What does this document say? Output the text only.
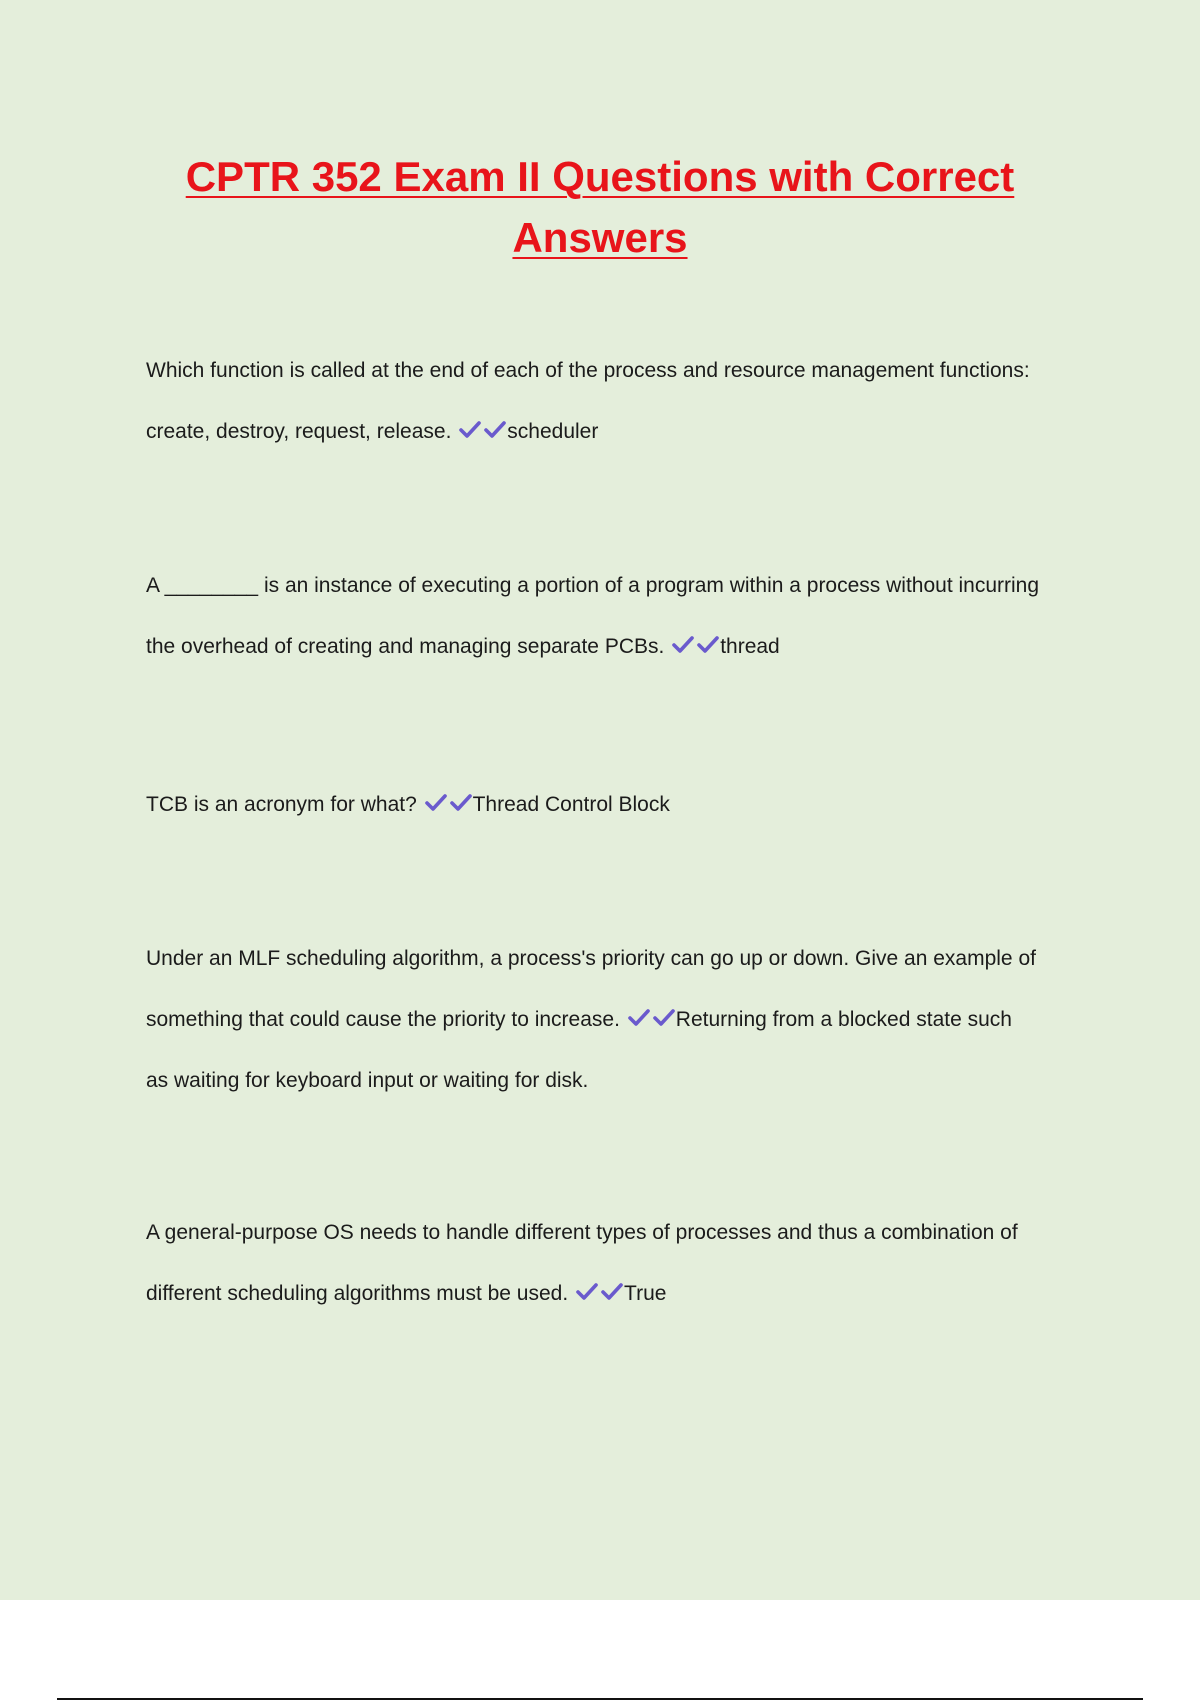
CPTR 352 Exam II Questions with Correct
Answers
Which function is called at the end of each of the process and resource management functions:
create, destroy, request, release.	scheduler
A ________ is an instance of executing a portion of a program within a process without incurring
the overhead of creating and managing separate PCBs.	thread
TCB is an acronym for what?	Thread Control Block
Under an MLF scheduling algorithm, a process's priority can go up or down. Give an example of
something that could cause the priority to increase.	Returning from a blocked state such
as waiting for keyboard input or waiting for disk.
A general-purpose OS needs to handle different types of processes and thus a combination of
different scheduling algorithms must be used.	True
